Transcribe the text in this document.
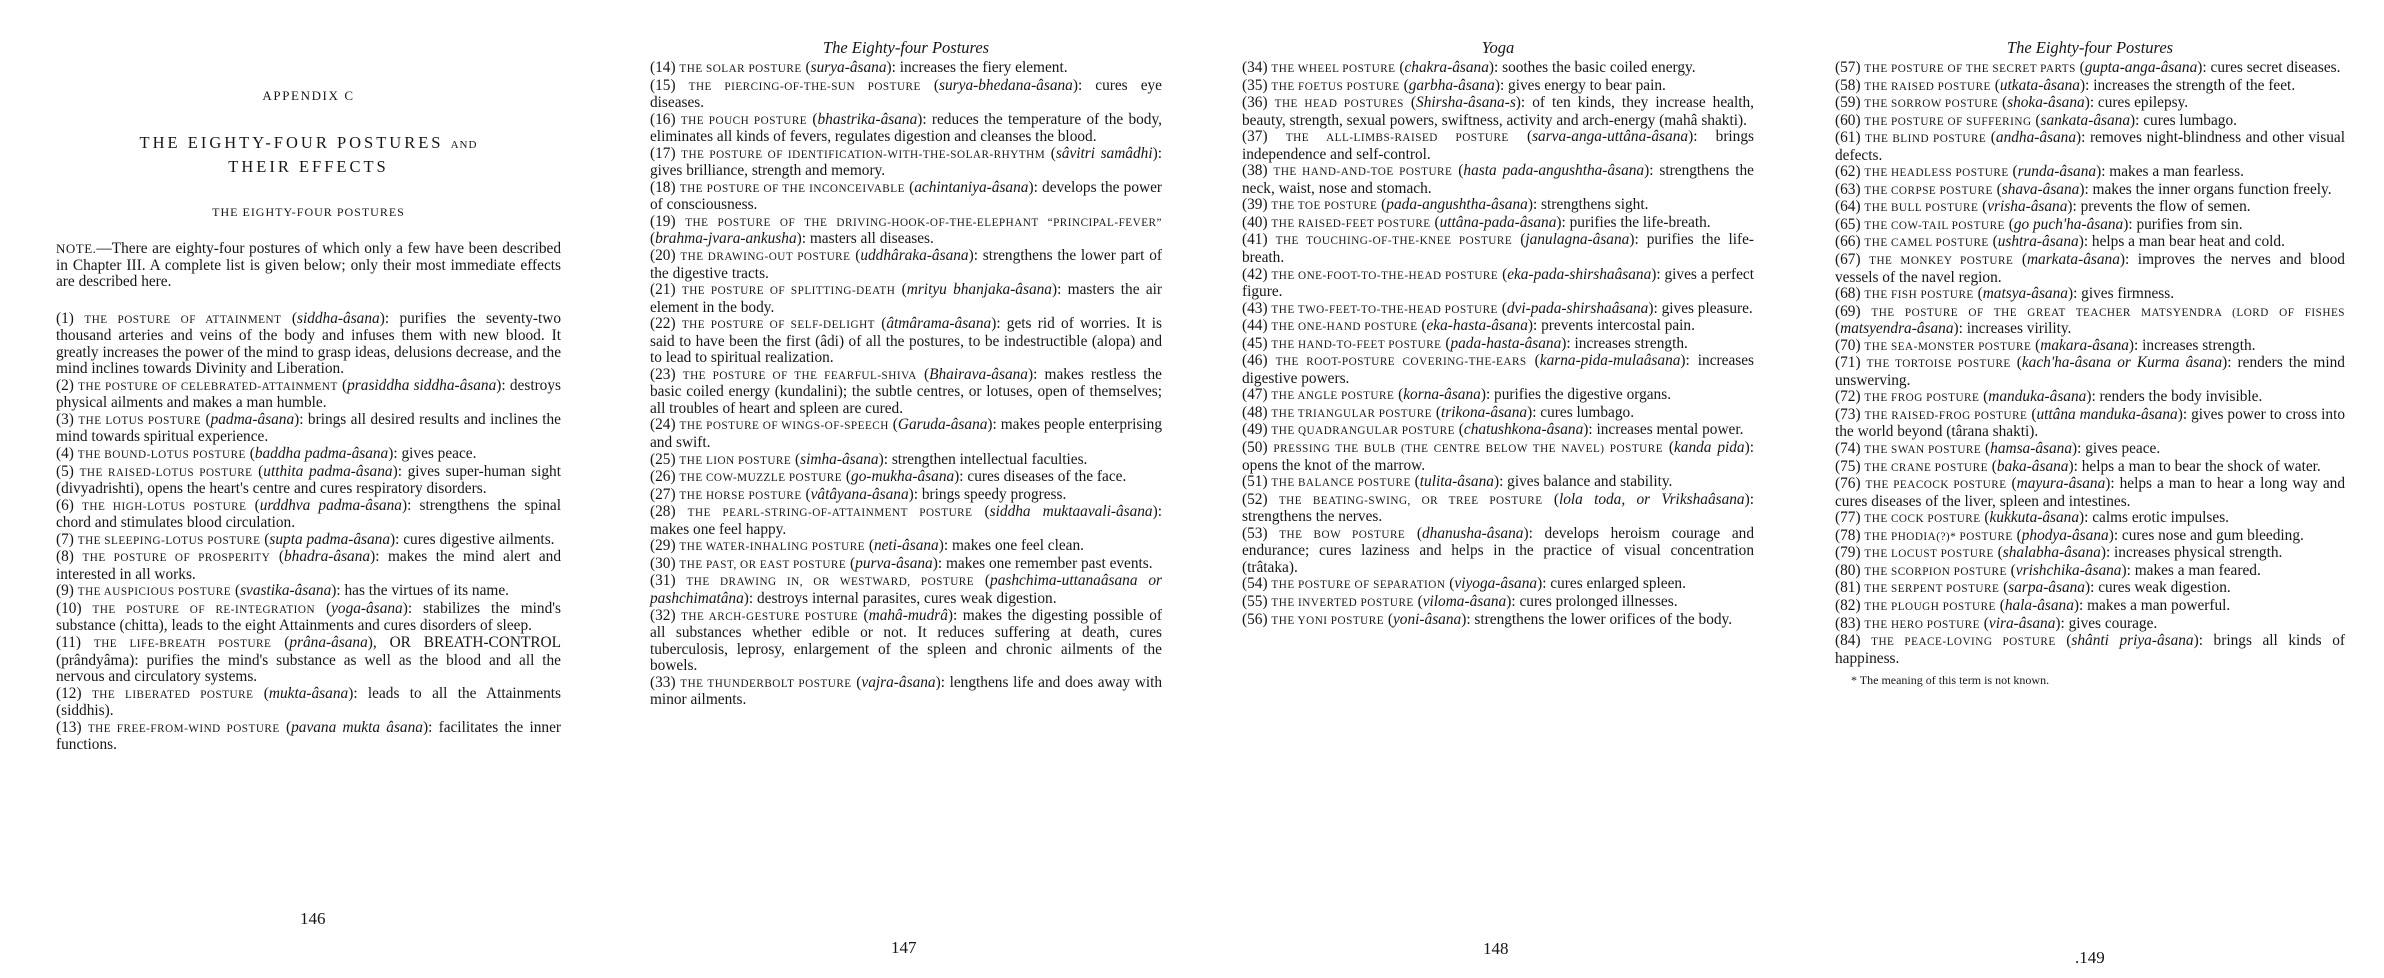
APPENDIX C
THE EIGHTY-FOUR POSTURES AND
THEIR EFFECTS
THE EIGHTY-FOUR POSTURES
NOTE.—There are eighty-four postures of which only a few have been described in Chapter III. A complete list is given below; only their most immediate effects are described here.

(1) THE POSTURE OF ATTAINMENT (siddha-âsana): purifies the seventy-two thousand arteries and veins of the body and infuses them with new blood. It greatly increases the power of the mind to grasp ideas, delusions decrease, and the mind inclines towards Divinity and Liberation.

(2) THE POSTURE OF CELEBRATED-ATTAINMENT (prasiddha siddha-âsana): destroys physical ailments and makes a man humble.

(3) THE LOTUS POSTURE (padma-âsana): brings all desired results and inclines the mind towards spiritual experience.

(4) THE BOUND-LOTUS POSTURE (baddha padma-âsana): gives peace.

(5) THE RAISED-LOTUS POSTURE (utthita padma-âsana): gives super-human sight (divyadrishti), opens the heart's centre and cures respiratory disorders.

(6) THE HIGH-LOTUS POSTURE (urddhva padma-âsana): strengthens the spinal chord and stimulates blood circulation.

(7) THE SLEEPING-LOTUS POSTURE (supta padma-âsana): cures digestive ailments.

(8) THE POSTURE OF PROSPERITY (bhadra-âsana): makes the mind alert and interested in all works.

(9) THE AUSPICIOUS POSTURE (svastika-âsana): has the virtues of its name.

(10) THE POSTURE OF RE-INTEGRATION (yoga-âsana): stabilizes the mind's substance (chitta), leads to the eight Attainments and cures disorders of sleep.

(11) THE LIFE-BREATH POSTURE (prâna-âsana), OR BREATH-CONTROL (prândyâma): purifies the mind's substance as well as the blood and all the nervous and circulatory systems.

(12) THE LIBERATED POSTURE (mukta-âsana): leads to all the Attainments (siddhis).

(13) THE FREE-FROM-WIND POSTURE (pavana mukta âsana): facilitates the inner functions.

146
The Eighty-four Postures

(14) THE SOLAR POSTURE (surya-âsana): increases the fiery element.

(15) THE PIERCING-OF-THE-SUN POSTURE (surya-bhedana-âsana): cures eye diseases.

(16) THE POUCH POSTURE (bhastrika-âsana): reduces the temperature of the body, eliminates all kinds of fevers, regulates digestion and cleanses the blood.

(17) THE POSTURE OF IDENTIFICATION-WITH-THE-SOLAR-RHYTHM (sâvitri samâdhi): gives brilliance, strength and memory.

(18) THE POSTURE OF THE INCONCEIVABLE (achintaniya-âsana): develops the power of consciousness.

(19) THE POSTURE OF THE DRIVING-HOOK-OF-THE-ELEPHANT “PRINCIPAL-FEVER” (brahma-jvara-ankusha): masters all diseases.

(20) THE DRAWING-OUT POSTURE (uddhâraka-âsana): strengthens the lower part of the digestive tracts.

(21) THE POSTURE OF SPLITTING-DEATH (mrityu bhanjaka-âsana): masters the air element in the body.

(22) THE POSTURE OF SELF-DELIGHT (âtmârama-âsana): gets rid of worries. It is said to have been the first (âdi) of all the postures, to be indestructible (alopa) and to lead to spiritual realization.

(23) THE POSTURE OF THE FEARFUL-SHIVA (Bhairava-âsana): makes restless the basic coiled energy (kundalini); the subtle centres, or lotuses, open of themselves; all troubles of heart and spleen are cured.

(24) THE POSTURE OF WINGS-OF-SPEECH (Garuda-âsana): makes people enterprising and swift.

(25) THE LION POSTURE (simha-âsana): strengthen intellectual faculties.

(26) THE COW-MUZZLE POSTURE (go-mukha-âsana): cures diseases of the face.

(27) THE HORSE POSTURE (vâtâyana-âsana): brings speedy progress.

(28) THE PEARL-STRING-OF-ATTAINMENT POSTURE (siddha muktaavali-âsana): makes one feel happy.

(29) THE WATER-INHALING POSTURE (neti-âsana): makes one feel clean.

(30) THE PAST, OR EAST POSTURE (purva-âsana): makes one remember past events.

(31) THE DRAWING IN, OR WESTWARD, POSTURE (pashchima-uttanaâsana or pashchimatâna): destroys internal parasites, cures weak digestion.

(32) THE ARCH-GESTURE POSTURE (mahâ-mudrâ): makes the digesting possible of all substances whether edible or not. It reduces suffering at death, cures tuberculosis, leprosy, enlargement of the spleen and chronic ailments of the bowels.

(33) THE THUNDERBOLT POSTURE (vajra-âsana): lengthens life and does away with minor ailments.

147
Yoga

(34) THE WHEEL POSTURE (chakra-âsana): soothes the basic coiled energy.

(35) THE FOETUS POSTURE (garbha-âsana): gives energy to bear pain.

(36) THE HEAD POSTURES (Shirsha-âsana-s): of ten kinds, they increase health, beauty, strength, sexual powers, swiftness, activity and arch-energy (mahâ shakti).

(37) THE ALL-LIMBS-RAISED POSTURE (sarva-anga-uttâna-âsana): brings independence and self-control.

(38) THE HAND-AND-TOE POSTURE (hasta pada-angushtha-âsana): strengthens the neck, waist, nose and stomach.

(39) THE TOE POSTURE (pada-angushtha-âsana): strengthens sight.

(40) THE RAISED-FEET POSTURE (uttâna-pada-âsana): purifies the life-breath.

(41) THE TOUCHING-OF-THE-KNEE POSTURE (janulagna-âsana): purifies the life-breath.

(42) THE ONE-FOOT-TO-THE-HEAD POSTURE (eka-pada-shirshaâsana): gives a perfect figure.

(43) THE TWO-FEET-TO-THE-HEAD POSTURE (dvi-pada-shirshaâsana): gives pleasure.

(44) THE ONE-HAND POSTURE (eka-hasta-âsana): prevents intercostal pain.

(45) THE HAND-TO-FEET POSTURE (pada-hasta-âsana): increases strength.

(46) THE ROOT-POSTURE COVERING-THE-EARS (karna-pida-mulaâsana): increases digestive powers.

(47) THE ANGLE POSTURE (korna-âsana): purifies the digestive organs.

(48) THE TRIANGULAR POSTURE (trikona-âsana): cures lumbago.

(49) THE QUADRANGULAR POSTURE (chatushkona-âsana): increases mental power.

(50) PRESSING THE BULB (THE CENTRE BELOW THE NAVEL) POSTURE (kanda pida): opens the knot of the marrow.

(51) THE BALANCE POSTURE (tulita-âsana): gives balance and stability.

(52) THE BEATING-SWING, OR TREE POSTURE (lola toda, or Vrikshaâsana): strengthens the nerves.

(53) THE BOW POSTURE (dhanusha-âsana): develops heroism courage and endurance; cures laziness and helps in the practice of visual concentration (trâtaka).

(54) THE POSTURE OF SEPARATION (viyoga-âsana): cures enlarged spleen.

(55) THE INVERTED POSTURE (viloma-âsana): cures prolonged illnesses.

(56) THE YONI POSTURE (yoni-âsana): strengthens the lower orifices of the body.

148
The Eighty-four Postures

(57) THE POSTURE OF THE SECRET PARTS (gupta-anga-âsana): cures secret diseases.

(58) THE RAISED POSTURE (utkata-âsana): increases the strength of the feet.

(59) THE SORROW POSTURE (shoka-âsana): cures epilepsy.

(60) THE POSTURE OF SUFFERING (sankata-âsana): cures lumbago.

(61) THE BLIND POSTURE (andha-âsana): removes night-blindness and other visual defects.

(62) THE HEADLESS POSTURE (runda-âsana): makes a man fearless.

(63) THE CORPSE POSTURE (shava-âsana): makes the inner organs function freely.

(64) THE BULL POSTURE (vrisha-âsana): prevents the flow of semen.

(65) THE COW-TAIL POSTURE (go puch'ha-âsana): purifies from sin.

(66) THE CAMEL POSTURE (ushtra-âsana): helps a man bear heat and cold.

(67) THE MONKEY POSTURE (markata-âsana): improves the nerves and blood vessels of the navel region.

(68) THE FISH POSTURE (matsya-âsana): gives firmness.

(69) THE POSTURE OF THE GREAT TEACHER MATSYENDRA (LORD OF FISHES (matsyendra-âsana): increases virility.

(70) THE SEA-MONSTER POSTURE (makara-âsana): increases strength.

(71) THE TORTOISE POSTURE (kach'ha-âsana or Kurma âsana): renders the mind unswerving.

(72) THE FROG POSTURE (manduka-âsana): renders the body invisible.

(73) THE RAISED-FROG POSTURE (uttâna manduka-âsana): gives power to cross into the world beyond (târana shakti).

(74) THE SWAN POSTURE (hamsa-âsana): gives peace.

(75) THE CRANE POSTURE (baka-âsana): helps a man to bear the shock of water.

(76) THE PEACOCK POSTURE (mayura-âsana): helps a man to hear a long way and cures diseases of the liver, spleen and intestines.

(77) THE COCK POSTURE (kukkuta-âsana): calms erotic impulses.

(78) THE PHODIA(?)* POSTURE (phodya-âsana): cures nose and gum bleeding.

(79) THE LOCUST POSTURE (shalabha-âsana): increases physical strength.

(80) THE SCORPION POSTURE (vrishchika-âsana): makes a man feared.

(81) THE SERPENT POSTURE (sarpa-âsana): cures weak digestion.

(82) THE PLOUGH POSTURE (hala-âsana): makes a man powerful.

(83) THE HERO POSTURE (vira-âsana): gives courage.

(84) THE PEACE-LOVING POSTURE (shânti priya-âsana): brings all kinds of happiness.

* The meaning of this term is not known.
.149
